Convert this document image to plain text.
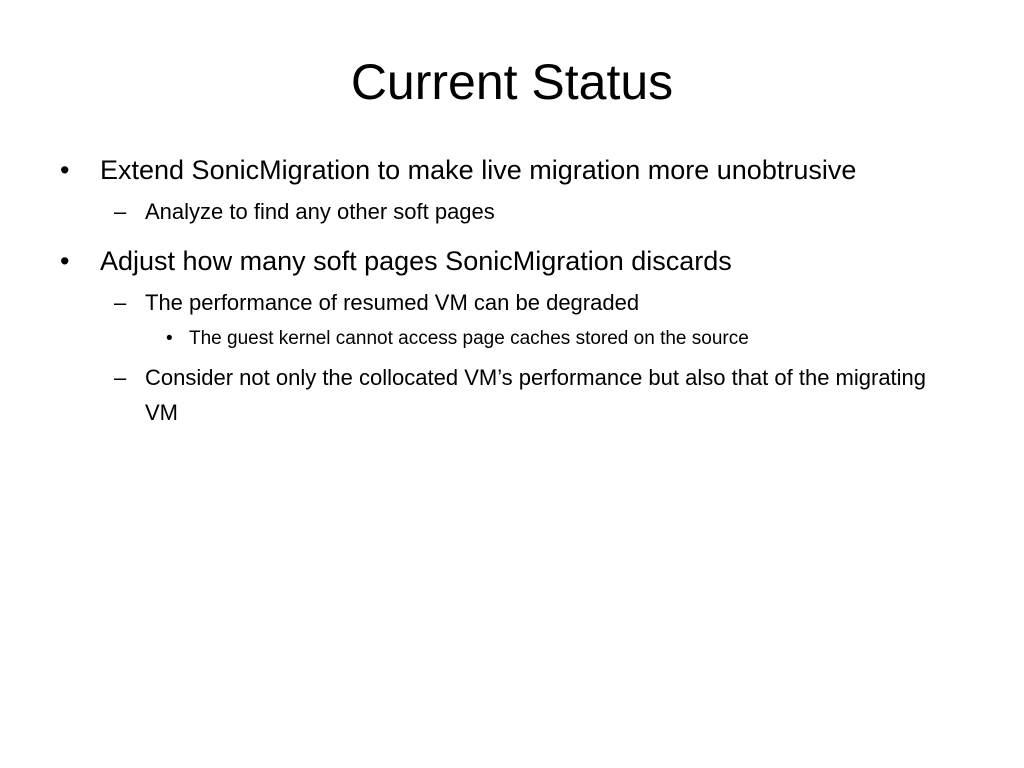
Current Status
• Extend SonicMigration to make live migration more unobtrusive
– Analyze to find any other soft pages
• Adjust how many soft pages SonicMigration discards
– The performance of resumed VM can be degraded
• The guest kernel cannot access page caches stored on the source
– Consider not only the collocated VM’s performance but also that of the migrating VM
